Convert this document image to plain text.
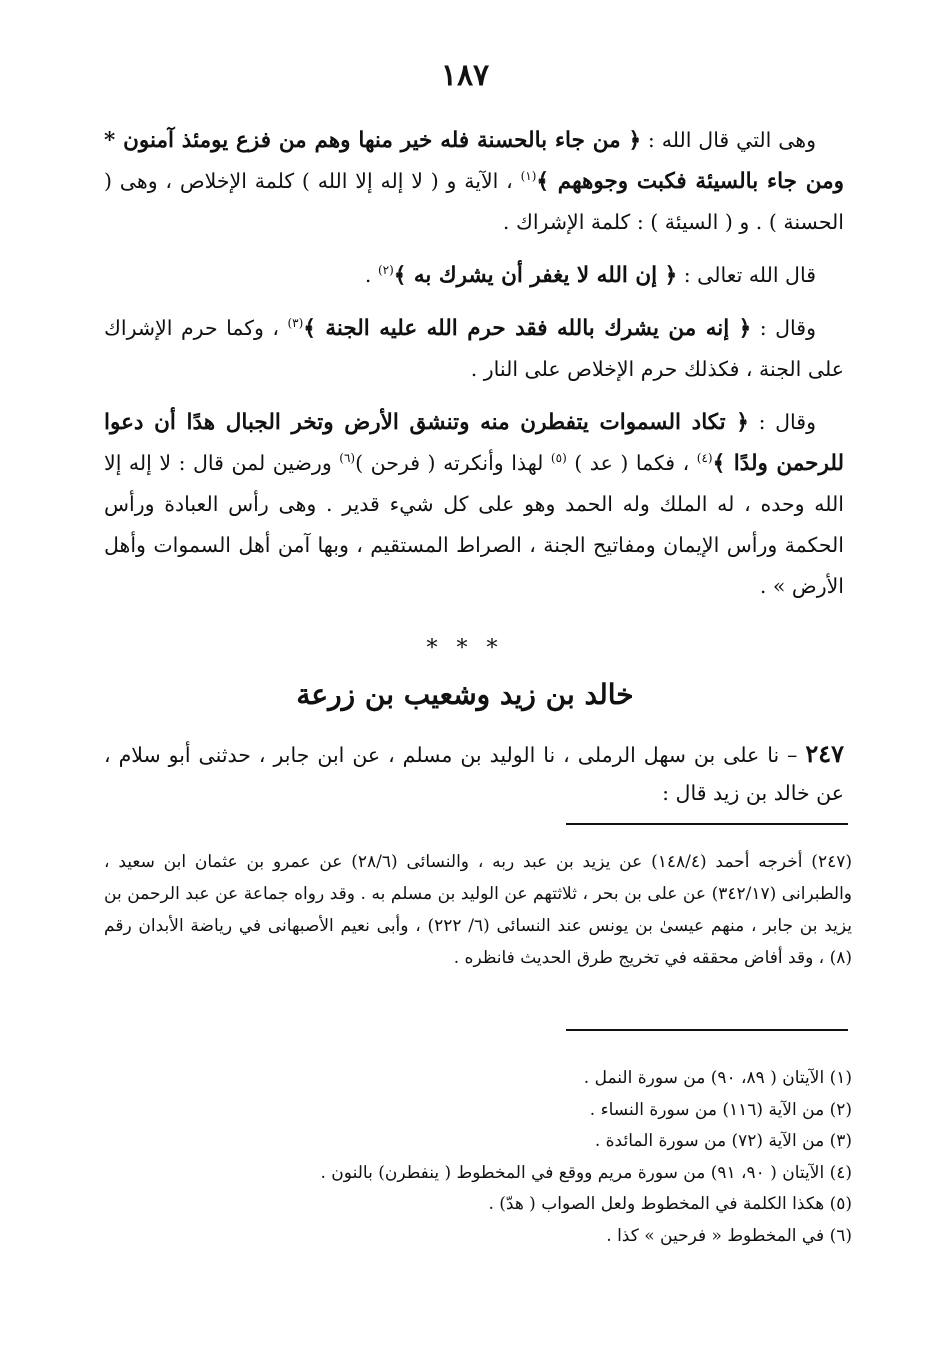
١٨٧

وهى التي قال الله : ﴿ من جاء بالحسنة فله خير منها وهم من فزع يومئذ آمنون * ومن جاء بالسيئة فكبت وجوههم ﴾$^{(١)}$ ، الآية و ( لا إله إلا الله ) كلمة الإخلاص ، وهى ( الحسنة ) . و ( السيئة ) : كلمة الإشراك .

قال الله تعالى : ﴿ إن الله لا يغفر أن يشرك به ﴾$^{(٢)}$ .

وقال : ﴿ إنه من يشرك بالله فقد حرم الله عليه الجنة ﴾$^{(٣)}$ ، وكما حرم الإشراك على الجنة ، فكذلك حرم الإخلاص على النار .

وقال : ﴿ تكاد السموات يتفطرن منه وتنشق الأرض وتخر الجبال هدًا أن دعوا للرحمن ولدًا ﴾$^{(٤)}$ ، فكما ( عد ) $^{(٥)}$ لهذا وأنكرته ( فرحن )$^{(٦)}$ ورضين لمن قال : لا إله إلا الله وحده ، له الملك وله الحمد وهو على كل شيء قدير . وهى رأس العبادة ورأس الحكمة ورأس الإيمان ومفاتيح الجنة ، الصراط المستقيم ، وبها آمن أهل السموات وأهل الأرض » .

* * *
خالد بن زيد وشعيب بن زرعة
٢٤٧ – نا على بن سهل الرملى ، نا الوليد بن مسلم ، عن ابن جابر ، حدثنى أبو سلام ، عن خالد بن زيد قال :
(٢٤٧) أخرجه أحمد (١٤٨/٤) عن يزيد بن عبد ربه ، والنسائى (٢٨/٦) عن عمرو بن عثمان ابن سعيد ، والطبرانى (٣٤٢/١٧) عن على بن بحر ، ثلاثتهم عن الوليد بن مسلم به . وقد رواه جماعة عن عبد الرحمن بن يزيد بن جابر ، منهم عيسىٰ بن يونس عند النسائى (٦/ ٢٢٢) ، وأبى نعيم الأصبهانى في رياضة الأبدان رقم (٨) ، وقد أفاض محققه في تخريج طرق الحديث فانظره .

(١) الآيتان ( ٨٩، ٩٠) من سورة النمل .

(٢) من الآية (١١٦) من سورة النساء .

(٣) من الآية (٧٢) من سورة المائدة .

(٤) الآيتان ( ٩٠، ٩١) من سورة مريم ووقع في المخطوط ( ينفطرن) بالنون .

(٥) هكذا الكلمة في المخطوط ولعل الصواب ( هدّ) .

(٦) في المخطوط « فرحين » كذا .
